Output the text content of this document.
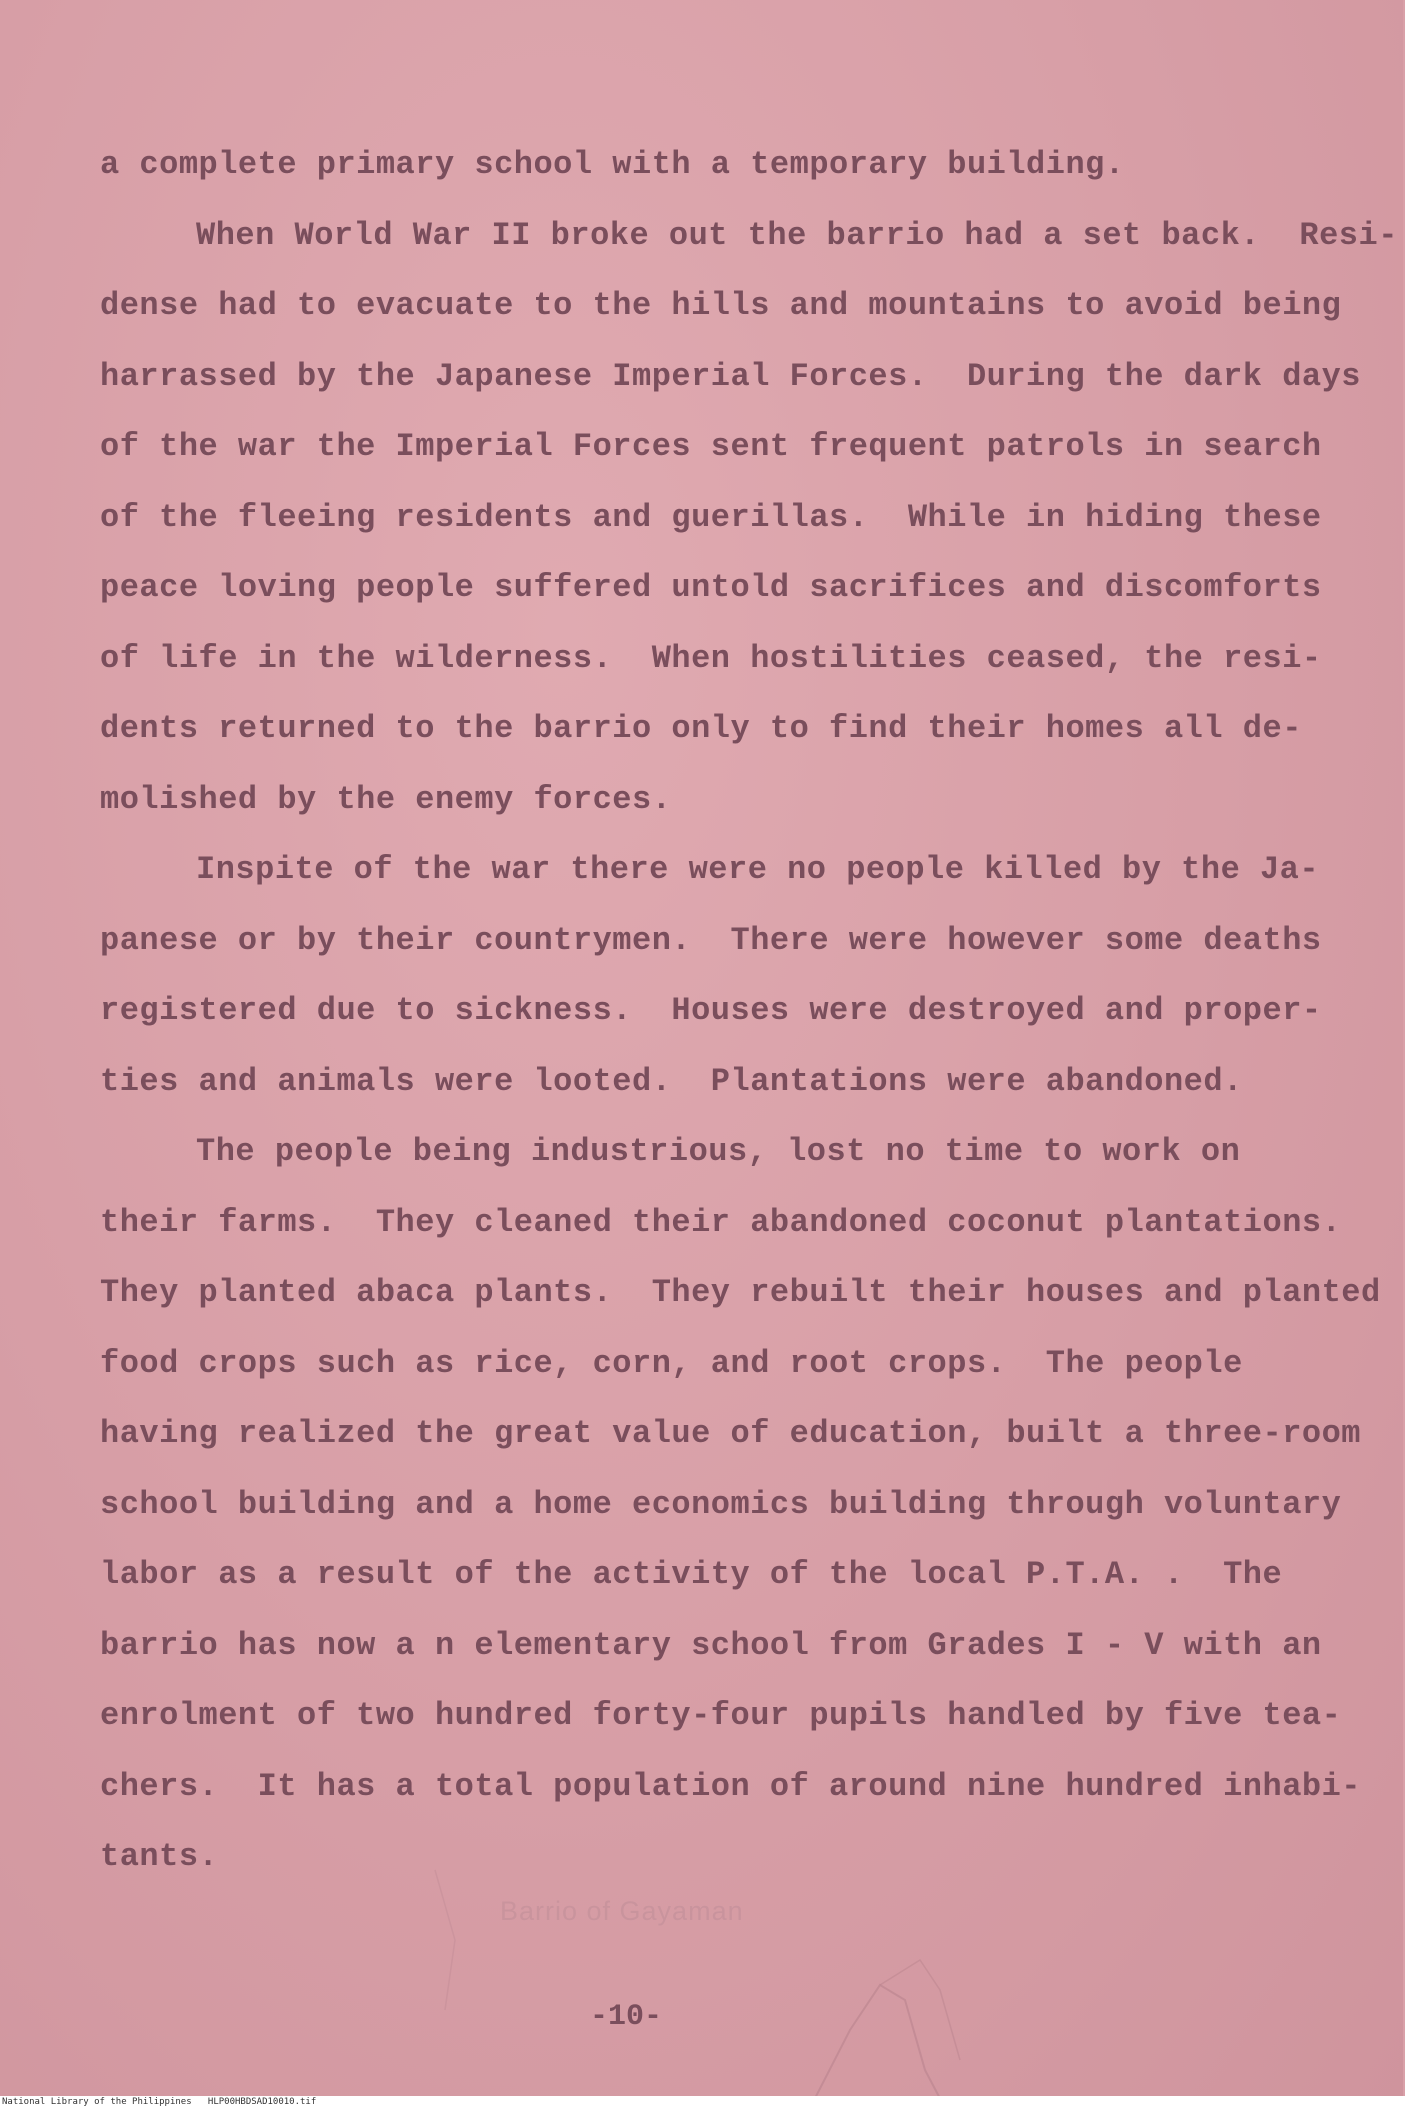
a complete primary school with a temporary building.
When World War II broke out the barrio had a set back.  Resi-
dense had to evacuate to the hills and mountains to avoid being
harrassed by the Japanese Imperial Forces.  During the dark days
of the war the Imperial Forces sent frequent patrols in search
of the fleeing residents and guerillas.  While in hiding these
peace loving people suffered untold sacrifices and discomforts
of life in the wilderness.  When hostilities ceased, the resi-
dents returned to the barrio only to find their homes all de-
molished by the enemy forces.
Inspite of the war there were no people killed by the Ja-
panese or by their countrymen.  There were however some deaths
registered due to sickness.  Houses were destroyed and proper-
ties and animals were looted.  Plantations were abandoned.
The people being industrious, lost no time to work on
their farms.  They cleaned their abandoned coconut plantations.
They planted abaca plants.  They rebuilt their houses and planted
food crops such as rice, corn, and root crops.  The people
having realized the great value of education, built a three-room
school building and a home economics building through voluntary
labor as a result of the activity of the local P.T.A. .  The
barrio has now a n elementary school from Grades I - V with an
enrolment of two hundred forty-four pupils handled by five tea-
chers.  It has a total population of around nine hundred inhabi-
tants.
Barrio of Gayaman
-10-
National Library of the Philippines   HLP00HBDSAD10010.tif
